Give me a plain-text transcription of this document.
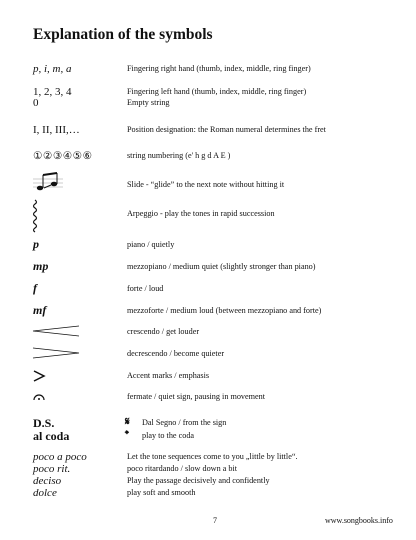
Explanation of the symbols
p, i, m, a	Fingering right hand (thumb, index, middle, ring finger)
1, 2, 3, 4	Fingering left hand (thumb, index, middle, ring finger)
0	Empty string
I, II, III,…	Position designation: the Roman numeral determines the fret
①②③④⑤⑥	string numbering (e' h g d A E )
Slide - “glide” to the next note without hitting it
Arpeggio - play the tones in rapid succession
p	piano / quietly
mp	mezzopiano / medium quiet (slightly stronger than piano)
f	forte / loud
mf	mezzoforte / medium loud (between mezzopiano and forte)
crescendo / get louder
decrescendo / become quieter
Accent marks / emphasis
fermate / quiet sign, pausing in movement
D.S.	𝄋 Dal Segno / from the sign
al coda	𝄌 play to the coda
poco a poco	Let the tone sequences come to you „little by little“.
poco rit.	poco ritardando / slow down a bit
deciso	Play the passage decisively and confidently
dolce	play soft and smooth
7	www.songbooks.info
